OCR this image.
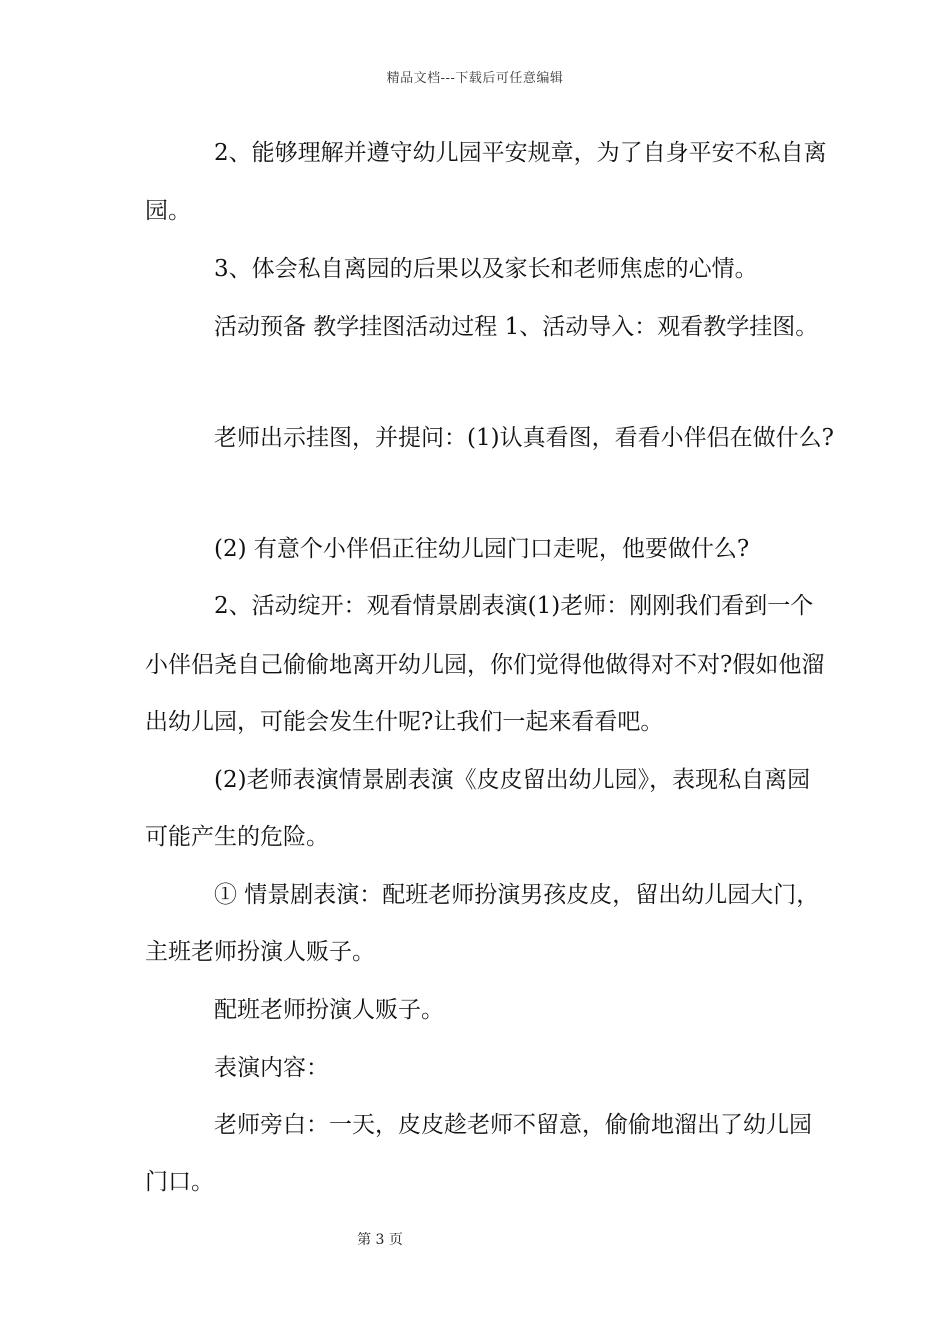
精品文档---下载后可任意编辑
2、能够理解并遵守幼儿园平安规章，为了自身平安不私自离
园。
3、体会私自离园的后果以及家长和老师焦虑的心情。
活动预备 教学挂图活动过程 1、活动导入：观看教学挂图。
老师出示挂图，并提问：(1)认真看图，看看小伴侣在做什么?
(2) 有意个小伴侣正往幼儿园门口走呢，他要做什么?
2、活动绽开：观看情景剧表演(1)老师：刚刚我们看到一个
小伴侣尧自己偷偷地离开幼儿园，你们觉得他做得对不对?假如他溜
出幼儿园，可能会发生什呢?让我们一起来看看吧。
(2)老师表演情景剧表演《皮皮留出幼儿园》，表现私自离园
可能产生的危险。
① 情景剧表演：配班老师扮演男孩皮皮，留出幼儿园大门，
主班老师扮演人贩子。
配班老师扮演人贩子。
表演内容：
老师旁白：一天，皮皮趁老师不留意，偷偷地溜出了幼儿园
门口。
第 3 页
